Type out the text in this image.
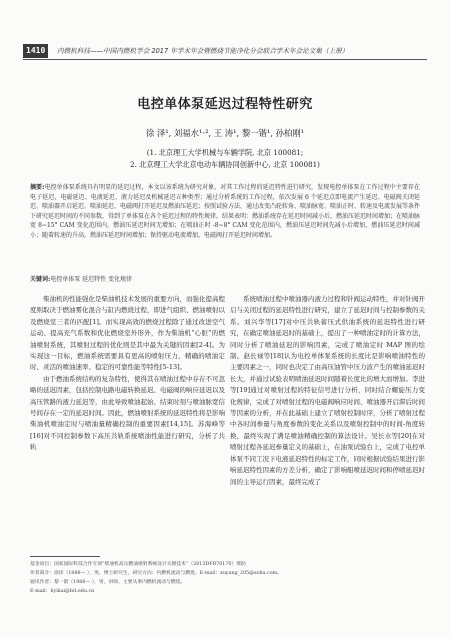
1410	内燃机科技——中国内燃机学会 2017 年学术年会暨燃烧节能净化分会联合学术年会论文集（上册）
电控单体泵延迟过程特性研究
徐 泽¹, 刘福水¹·², 王 涛¹, 黎一锴¹, 孙柏刚¹
(1. 北京理工大学机械与车辆学院, 北京 100081;
2. 北京理工大学北京电动车辆协同创新中心, 北京 100081)
摘要:电控单体泵系统具有明显的延迟过程，本文以该系统为研究对象，对其工作过程的延迟特性进行研究，发现电控单体泵在工作过程中主要存在电子延迟、电磁延迟、电液延迟、液力延迟及机械延迟五种类型；通过分析系统的工作过程，依次发展 6 个延迟点即电流产生延迟、电磁阀关闭延迟、喷油器开启延迟、喷油延迟、电磁阀打开延迟及燃油压延迟；按照试验方法，通过改变凸轮转角、喷油脉宽、喷油正时、转速及电流发展等条件下研究延迟时间的不同参数，得到了单体泵在各个延迟过程的特性规律。结果表明：燃油系统存在延迟时间减小后，燃油压延迟时间增加；在喷油脉宽 8~15° CAM 变化范围内，燃油压延迟时间无增加；在喷油正时 -8~8° CAM 变化范围内，燃油压延迟时间先减小后增加，燃油压延迟时间减小；随着转速的升高，燃油压延迟时间增加；保持驱动电流增加，电磁阀打开延迟时间增加。
关键词:电控单体泵 延迟特性 变化规律

柴油机的性能强化是柴油机技术发展的重要方向，而强化提高程度则取决于燃油雾化混合与缸内燃烧过程，即进气组织、燃油喷射以及燃烧室三者的匹配[1]。而实现高效的燃烧过程除了通过改进空气运动、提高充气系数和优化燃烧室外形外，作为柴油机“心脏”的燃油喷射系统，其喷射过程的优化则是其中最为关键的因素[2-4]。为实现这一目标，燃油系统需要具有更高的喷射压力、精确的喷油定时、灵活的喷油速率、稳定的可靠性能等特性[5-13]。

由于燃油系统结构的复杂特性，使得其在喷油过程中存在不可忽略的延迟因素，包括控制电路电磁转换延迟、电磁阀的响应延迟以及高压管路的液力延迟等，由此导致喷油起始、结束时刻与喷油脉宽信号间存在一定的延迟时间。因此，燃油喷射系统的延迟特性将是影响柴油机喷油定时与喷油量精确控制的重要因素[14,15]。苏海峰等[16]对不同控制参数下高压共轨系统喷油性能进行研究，分析了共轨

系统喷油过程中喷油器内液力过程和针阀运动特性，并对针阀开启与关闭过程的延迟特性进行研究，建立了延迟时间与控制参数的关系。刘兴华等[17]对中压共轨蓄压式供油系统的延迟特性进行研究，在确定喷油延迟时的基础上，提出了一种喷油定时的计算方法，同时分析了喷油延迟的影响因素，完成了喷油定时 MAP 图的绘制。赵长禄等[18]认为电控单体泵系统的长度比是影响喷油特性的主要因素之一，同时也决定了由高压油管中压力波产生的喷油延迟时长大，并通过试验表明喷油延迟时间随着长度比的增大而增加。李进等[19]通过对喷射过程的特征信号进行分析，同时结合螺旋压力变化规律，完成了对喷射过程的电磁阀响应时间、喷油器开启滞后时间等因素的分析，并在此基础上建立了喷射控制时序，分析了喷射过程中各时间参量与角度参数的变化关系以及喷射控制中的时间-角度转换，最终实现了满足喷油精确控制的算法设计。吴长水等[20]在对喷射过程各延迟参量定义的基础上，在油泵试验台上，完成了电控单体泵不同工况下电液延迟特性的标定工作，同时根据试验结果进行影响延迟特性因素的方差分析，确定了影响船喷延迟时间和停喷延迟时间的主导运行因素，最终完成了

基金项目：国家国际科技合作专项“柴油机高压燃油喷射系统设计关键技术”（2013DFR70170）资助
作者简介：徐泽（1988— ），男，博士研究生，研究方向：内燃机流动与燃烧。E-mail：xuyang_205@sohu.com。
通讯作者：黎一锴（1986— ），男，讲师，主要从事内燃机流动与燃烧。
E-mail：liyikai@bit.edu.cn
